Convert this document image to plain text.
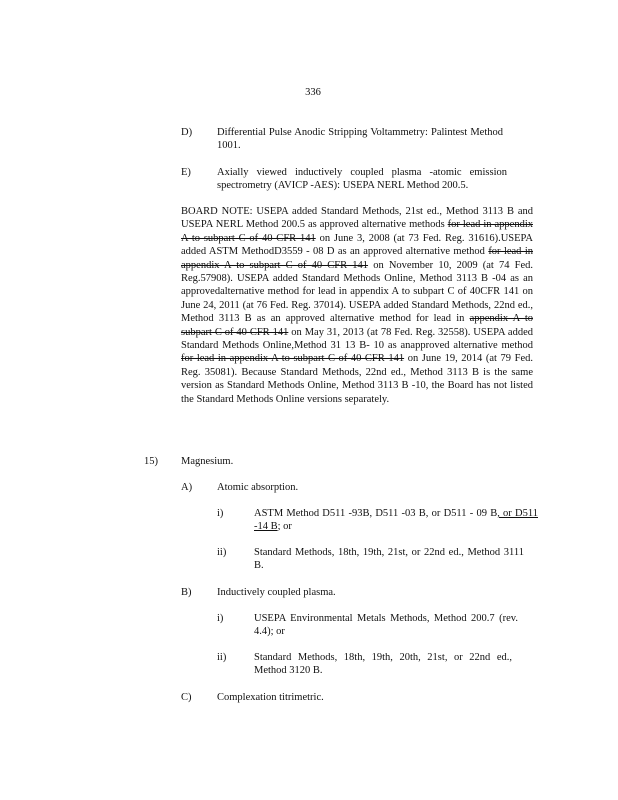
336
D) Differential Pulse Anodic Stripping Voltammetry: Palintest Method 1001.
E) Axially viewed inductively coupled plasma -atomic emission spectrometry (AVICP -AES): USEPA NERL Method 200.5.
BOARD NOTE: USEPA added Standard Methods, 21st ed., Method 3113 B and USEPA NERL Method 200.5 as approved alternative methods for lead in appendix A to subpart C of 40 CFR 141 on June 3, 2008 (at 73 Fed. Reg. 31616).USEPA added ASTM MethodD3559 - 08 D as an approved alternative method for lead in appendix A to subpart C of 40 CFR 141 on November 10, 2009 (at 74 Fed. Reg.57908). USEPA added Standard Methods Online, Method 3113 B -04 as an approvedalternative method for lead in appendix A to subpart C of 40CFR 141 on June 24, 2011 (at 76 Fed. Reg. 37014). USEPA added Standard Methods, 22nd ed., Method 3113 B as an approved alternative method for lead in appendix A to subpart C of 40 CFR 141 on May 31, 2013 (at 78 Fed. Reg. 32558). USEPA added Standard Methods Online,Method 31 13 B- 10 as anapproved alternative method for lead in appendix A to subpart C of 40 CFR 141 on June 19, 2014 (at 79 Fed. Reg. 35081). Because Standard Methods, 22nd ed., Method 3113 B is the same version as Standard Methods Online, Method 3113 B -10, the Board has not listed the Standard Methods Online versions separately.
15) Magnesium.
A) Atomic absorption.
i)	ASTM Method D511 -93B, D511 -03 B, or D511 - 09 B, or D511 -14 B; or
ii)	Standard Methods, 18th, 19th, 21st, or 22nd ed., Method 3111 B.
B) Inductively coupled plasma.
i)	USEPA Environmental Metals Methods, Method 200.7 (rev. 4.4); or
ii)	Standard Methods, 18th, 19th, 20th, 21st, or 22nd ed., Method 3120 B.
C) Complexation titrimetric.
